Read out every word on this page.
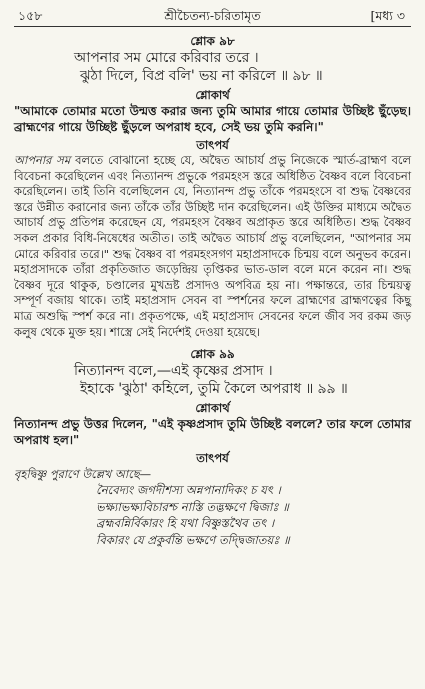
১৫৮	শ্রীচৈতন্য-চরিতামৃত	[মধ্য ৩
শ্লোক ৯৮
আপনার সম মোরে করিবার তরে ।
ঝুঠা দিলে, বিপ্র বলি' ভয় না করিলে ॥ ৯৮ ॥
শ্লোকার্থ

"আমাকে তোমার মতো উন্মত্ত করার জন্য তুমি আমার গায়ে তোমার উচ্ছিষ্ট ছুঁড়েছ। ব্রাহ্মণের গায়ে উচ্ছিষ্ট ছুঁড়লে অপরাধ হবে, সেই ভয় তুমি করনি।"

তাৎপর্য

আপনার সম বলতে বোঝানো হচ্ছে যে, অদ্বৈত আচার্য প্রভু নিজেকে স্মার্ত-ব্রাহ্মণ বলে বিবেচনা করেছিলেন এবং নিত্যানন্দ প্রভুকে পরমহংস স্তরে অধিষ্ঠিত বৈষ্ণব বলে বিবেচনা করেছিলেন। তাই তিনি বলেছিলেন যে, নিত্যানন্দ প্রভু তাঁকে পরমহংসে বা শুদ্ধ বৈষ্ণবের স্তরে উন্নীত করানোর জন্য তাঁকে তাঁর উচ্ছিষ্ট দান করেছিলেন। এই উক্তির মাধ্যমে অদ্বৈত আচার্য প্রভু প্রতিপন্ন করেছেন যে, পরমহংস বৈষ্ণব অপ্রাকৃত স্তরে অধিষ্ঠিত। শুদ্ধ বৈষ্ণব সকল প্রকার বিধি-নিষেধের অতীত। তাই অদ্বৈত আচার্য প্রভু বলেছিলেন, "আপনার সম মোরে করিবার তরে।" শুদ্ধ বৈষ্ণব বা পরমহংসগণ মহাপ্রসাদকে চিন্ময় বলে অনুভব করেন। মহাপ্রসাদকে তাঁরা প্রকৃতিজাত জড়েন্দ্রিয় তৃপ্তিকর ভাত-ডাল বলে মনে করেন না। শুদ্ধ বৈষ্ণব দূরে থাকুক, চণ্ডালের মুখভ্রষ্ট প্রসাদও অপবিত্র হয় না। পক্ষান্তরে, তার চিন্ময়ত্ব সম্পূর্ণ বজায় থাকে। তাই মহাপ্রসাদ সেবন বা স্পর্শনের ফলে ব্রাহ্মণের ব্রাহ্মণত্বের কিছু মাত্র অশুদ্ধি স্পর্শ করে না। প্রকৃতপক্ষে, এই মহাপ্রসাদ সেবনের ফলে জীব সব রকম জড় কলুষ থেকে মুক্ত হয়। শাস্ত্রে সেই নির্দেশই দেওয়া হয়েছে।

শ্লোক ৯৯
নিত্যানন্দ বলে,—এই কৃষ্ণের প্রসাদ ।
ইহাকে 'ঝুঠা' কহিলে, তুমি কৈলে অপরাধ ॥ ৯৯ ॥
শ্লোকার্থ

নিত্যানন্দ প্রভু উত্তর দিলেন, "এই কৃষ্ণপ্রসাদ তুমি উচ্ছিষ্ট বললে? তার ফলে তোমার অপরাধ হল।"

তাৎপর্য
বৃহদ্বিষ্ণু পুরাণে উল্লেখ আছে—
নৈবেদ্যং জগদীশস্য অন্নপানাদিকং চ যৎ ।
ভক্ষ্যাভক্ষ্যবিচারশ্চ নাস্তি তদ্ভক্ষণে দ্বিজাঃ ॥
ব্রহ্মবন্নির্বিকারং হি যথা বিষ্ণুস্তথৈব তৎ ।
বিকারং যে প্রকুর্বন্তি ভক্ষণে তদ্দ্বিজাতয়ঃ ॥
